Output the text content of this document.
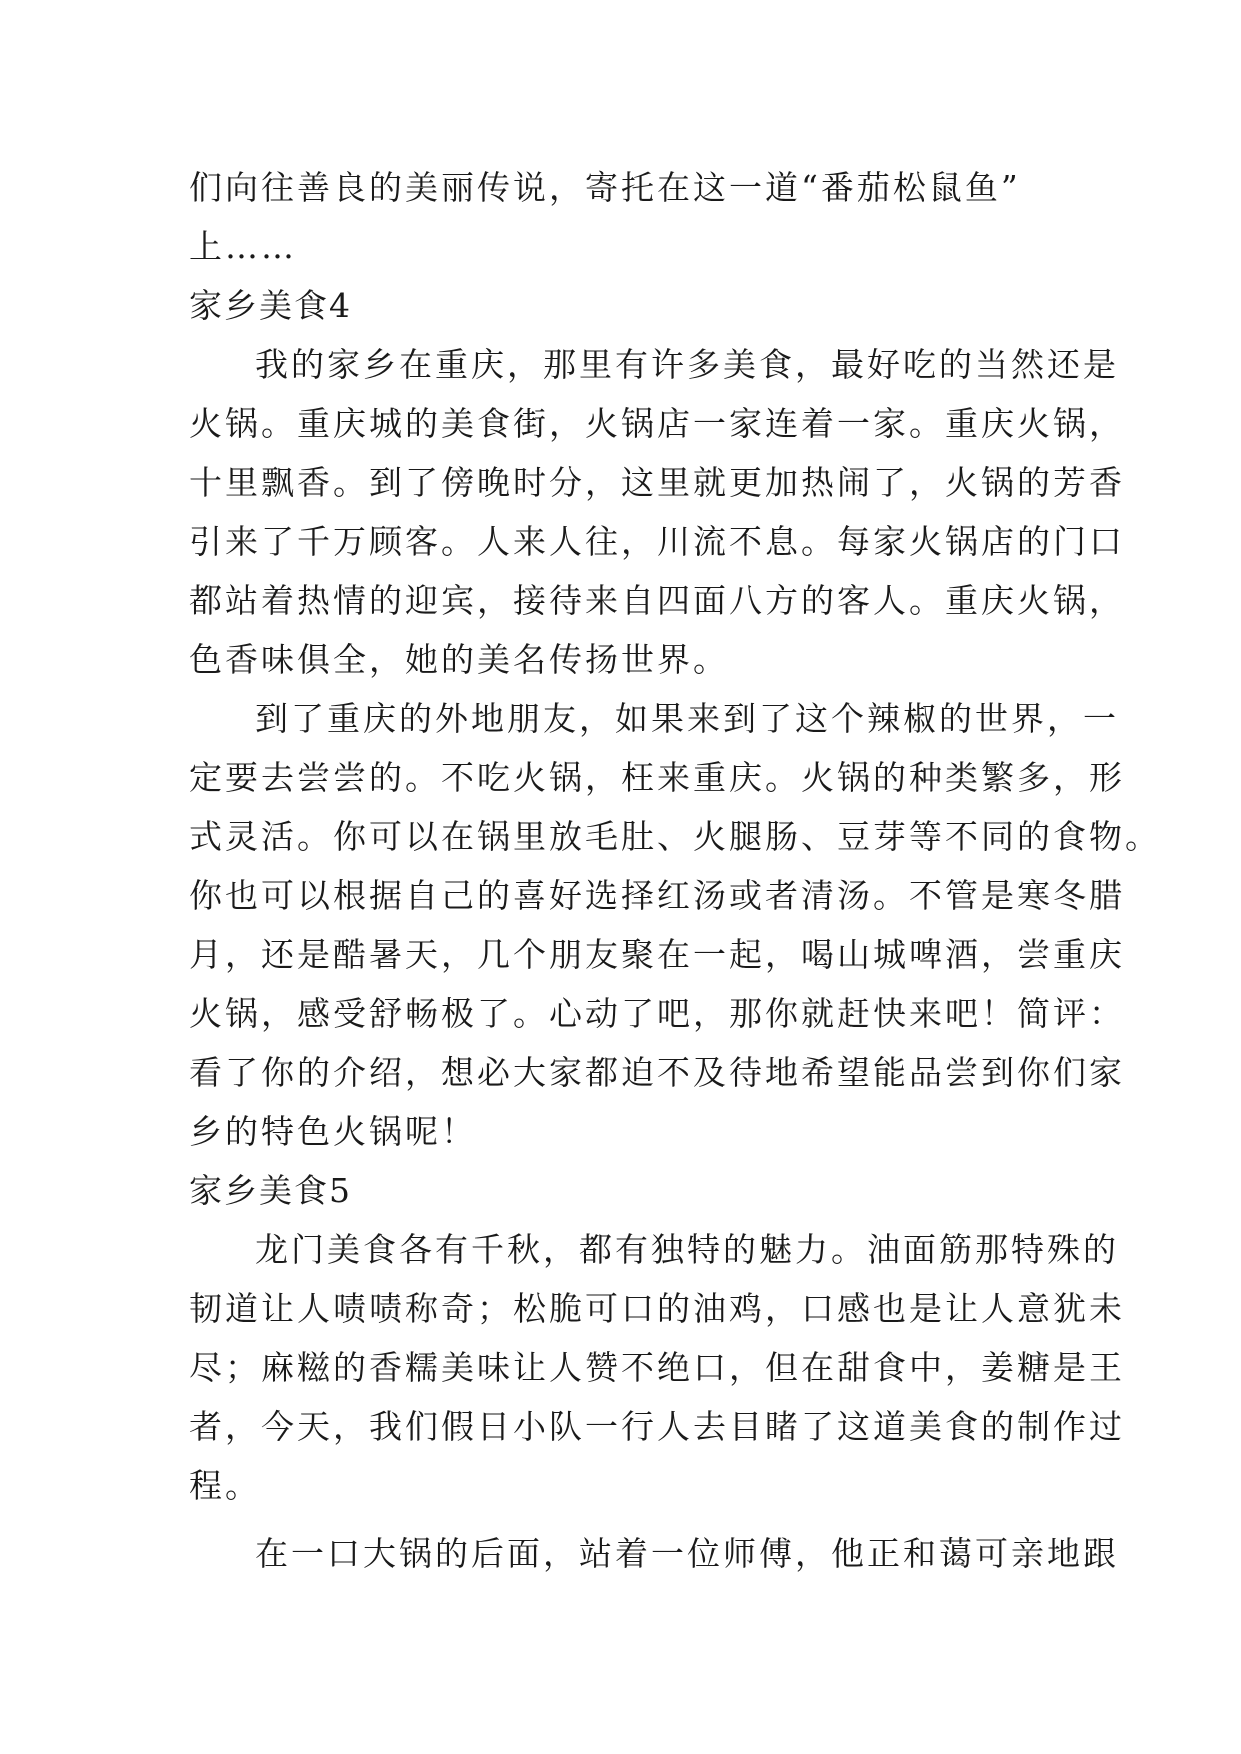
们向往善良的美丽传说，寄托在这一道“番茄松鼠鱼”
上……
家乡美食4
我的家乡在重庆，那里有许多美食，最好吃的当然还是
火锅。重庆城的美食街，火锅店一家连着一家。重庆火锅，
十里飘香。到了傍晚时分，这里就更加热闹了，火锅的芳香
引来了千万顾客。人来人往，川流不息。每家火锅店的门口
都站着热情的迎宾，接待来自四面八方的客人。重庆火锅，
色香味俱全，她的美名传扬世界。
到了重庆的外地朋友，如果来到了这个辣椒的世界，一
定要去尝尝的。不吃火锅，枉来重庆。火锅的种类繁多，形
式灵活。你可以在锅里放毛肚、火腿肠、豆芽等不同的食物。
你也可以根据自己的喜好选择红汤或者清汤。不管是寒冬腊
月，还是酷暑天，几个朋友聚在一起，喝山城啤酒，尝重庆
火锅，感受舒畅极了。心动了吧，那你就赶快来吧！简评：
看了你的介绍，想必大家都迫不及待地希望能品尝到你们家
乡的特色火锅呢！
家乡美食5
龙门美食各有千秋，都有独特的魅力。油面筋那特殊的
韧道让人啧啧称奇；松脆可口的油鸡，口感也是让人意犹未
尽；麻糍的香糯美味让人赞不绝口，但在甜食中，姜糖是王
者，今天，我们假日小队一行人去目睹了这道美食的制作过
程。
在一口大锅的后面，站着一位师傅，他正和蔼可亲地跟
